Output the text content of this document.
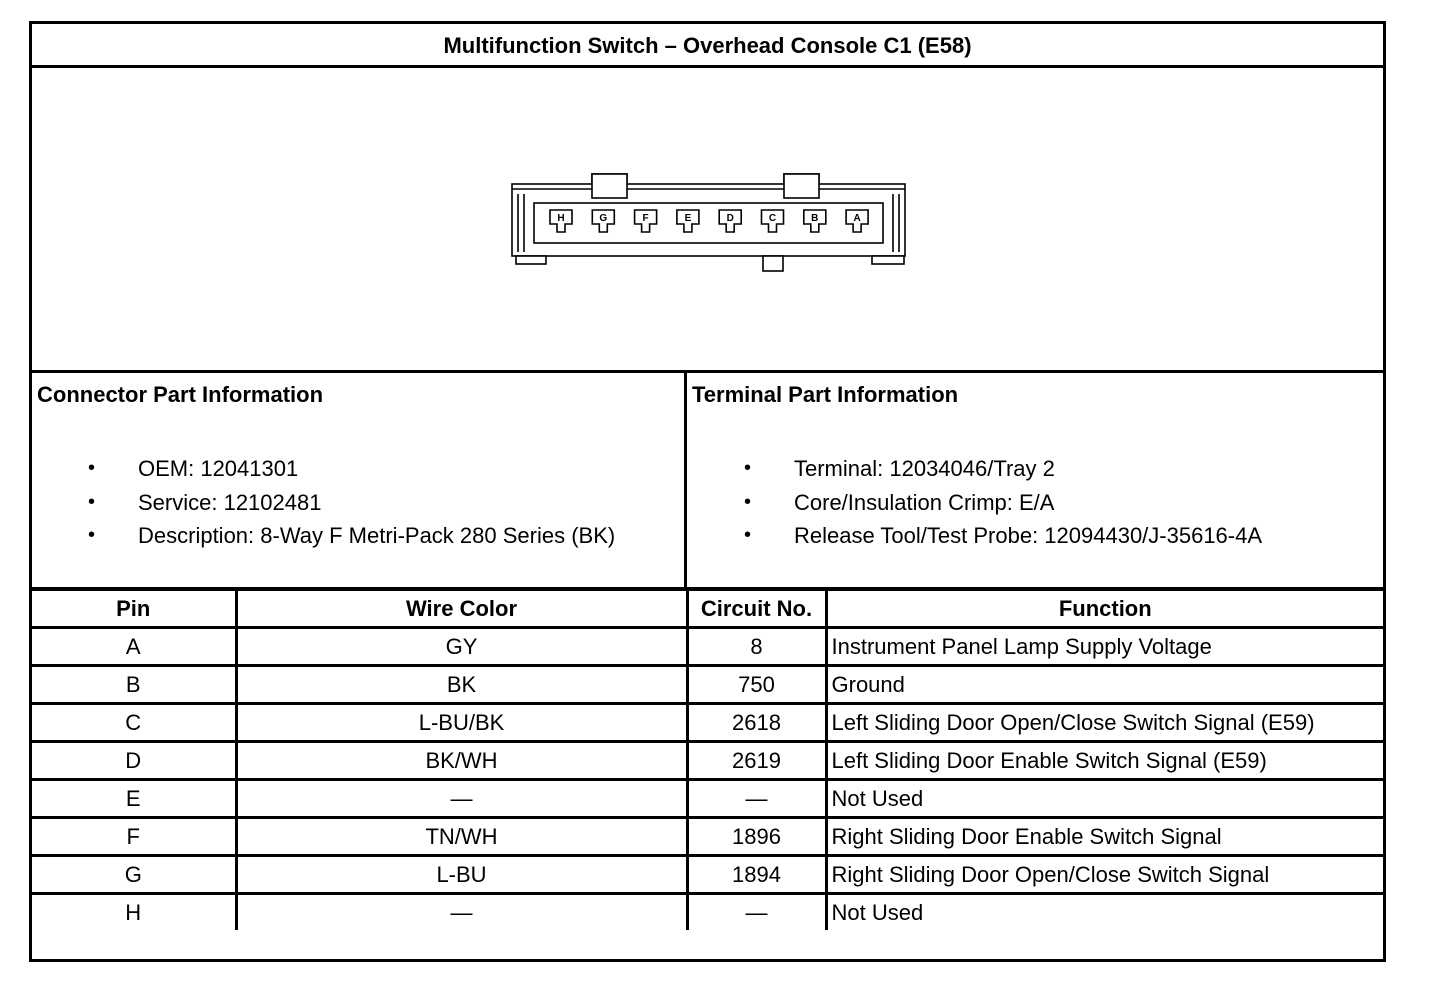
Multifunction Switch – Overhead Console C1 (E58)
H	G	F	E	D	C	B	A
Connector Part Information
• OEM: 12041301
• Service: 12102481
• Description: 8-Way F Metri-Pack 280 Series (BK)
Terminal Part Information
• Terminal: 12034046/Tray 2
• Core/Insulation Crimp: E/A
• Release Tool/Test Probe: 12094430/J-35616-4A
Pin	Wire Color	Circuit No.	Function
A	GY	8	Instrument Panel Lamp Supply Voltage
B	BK	750	Ground
C	L-BU/BK	2618	Left Sliding Door Open/Close Switch Signal (E59)
D	BK/WH	2619	Left Sliding Door Enable Switch Signal (E59)
E	—	—	Not Used
F	TN/WH	1896	Right Sliding Door Enable Switch Signal
G	L-BU	1894	Right Sliding Door Open/Close Switch Signal
H	—	—	Not Used
